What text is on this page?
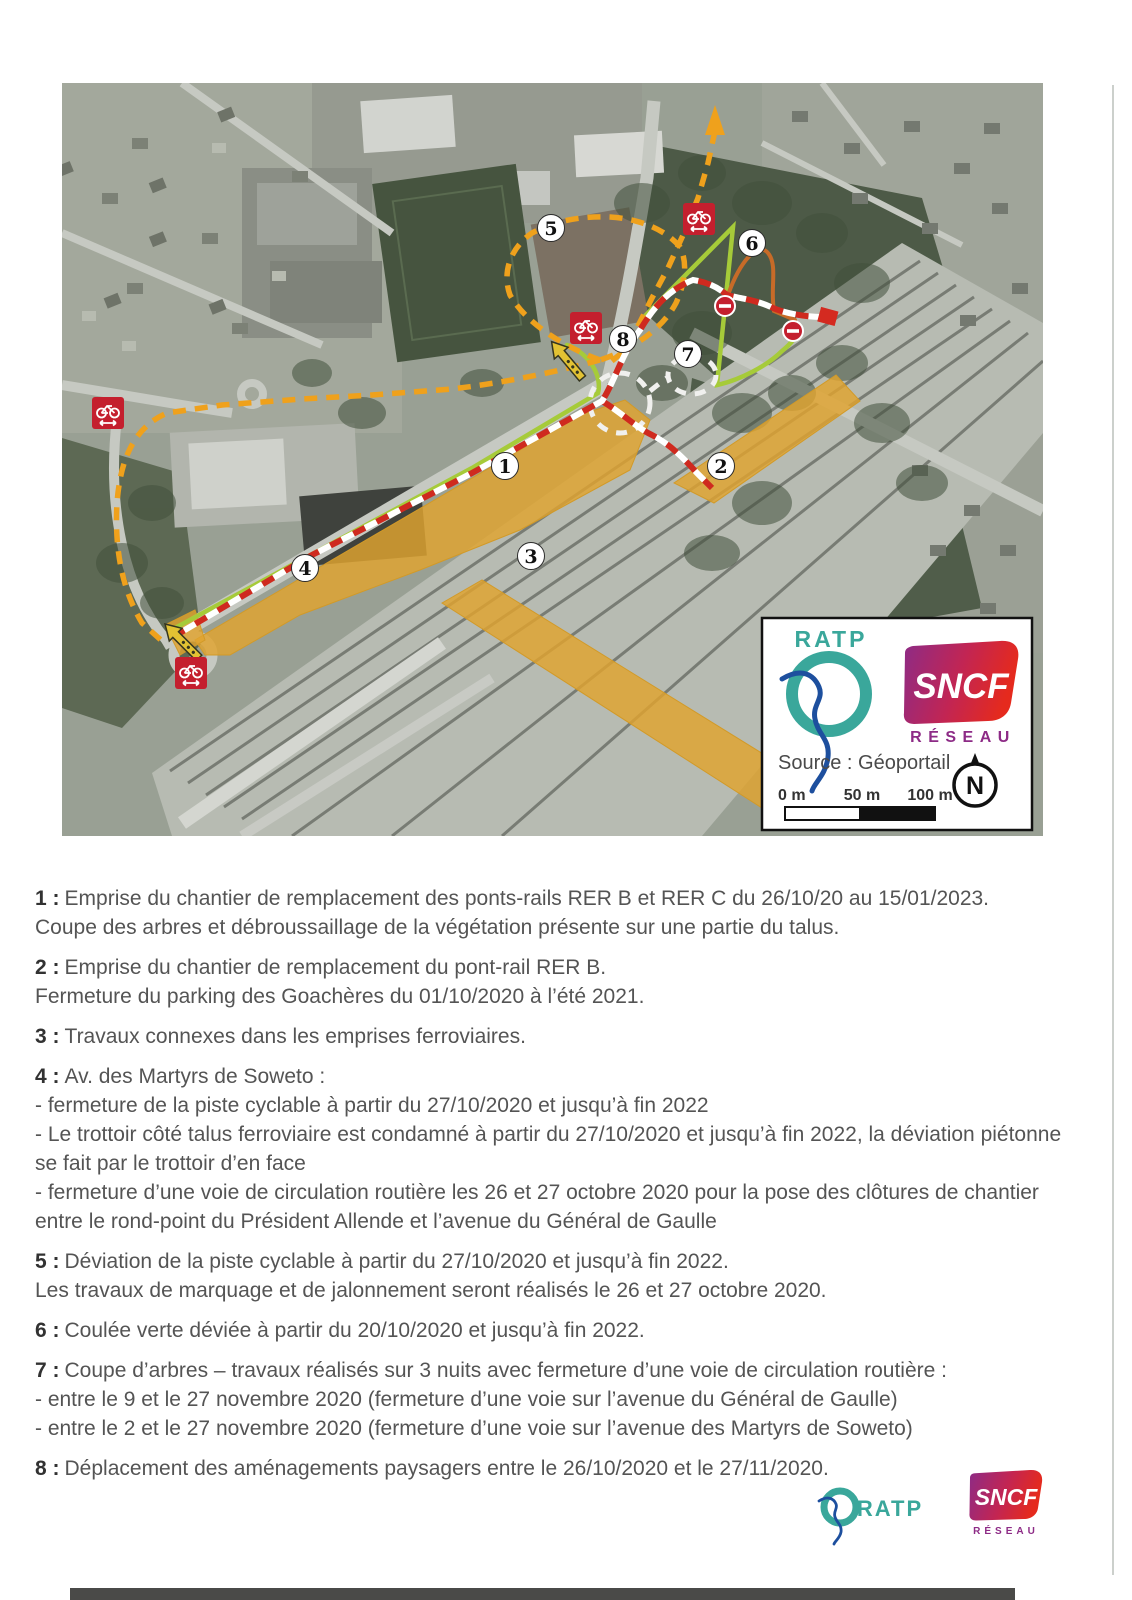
1	2
3
4
5
6
7
8
RATP
SNCF
RÉSEAU
Source : Géoportail
0 m 50 m 100 m N
1 : Emprise du chantier de remplacement des ponts-rails RER B et RER C du 26/10/20 au 15/01/2023.
Coupe des arbres et débroussaillage de la végétation présente sur une partie du talus.
2 : Emprise du chantier de remplacement du pont-rail RER B.
Fermeture du parking des Goachères du 01/10/2020 à l’été 2021.
3 : Travaux connexes dans les emprises ferroviaires.
4 : Av. des Martyrs de Soweto :
- fermeture de la piste cyclable à partir du 27/10/2020 et jusqu’à fin 2022
- Le trottoir côté talus ferroviaire est condamné à partir du 27/10/2020 et jusqu’à fin 2022, la déviation piétonne
se fait par le trottoir d’en face
- fermeture d’une voie de circulation routière les 26 et 27 octobre 2020 pour la pose des clôtures de chantier
entre le rond-point du Président Allende et l’avenue du Général de Gaulle
5 : Déviation de la piste cyclable à partir du 27/10/2020 et jusqu’à fin 2022.
Les travaux de marquage et de jalonnement seront réalisés le 26 et 27 octobre 2020.
6 : Coulée verte déviée à partir du 20/10/2020 et jusqu’à fin 2022.
7 : Coupe d’arbres – travaux réalisés sur 3 nuits avec fermeture d’une voie de circulation routière :
- entre le 9 et le 27 novembre 2020 (fermeture d’une voie sur l’avenue du Général de Gaulle)
- entre le 2 et le 27 novembre 2020 (fermeture d’une voie sur l’avenue des Martyrs de Soweto)
8 : Déplacement des aménagements paysagers entre le 26/10/2020 et le 27/11/2020.
RATP SNCF
RÉSEAU
